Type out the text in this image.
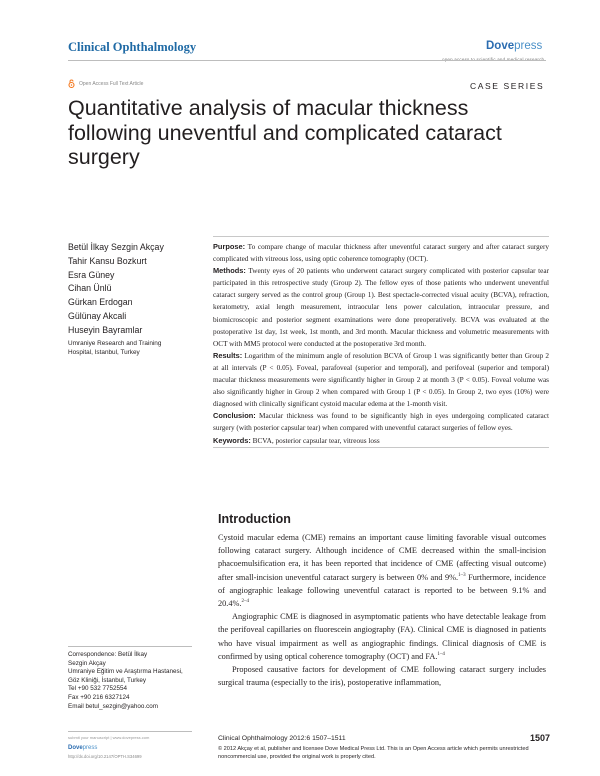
Clinical Ophthalmology	Dovepress
Open Access Full Text Article	CASE SERIES
Quantitative analysis of macular thickness following uneventful and complicated cataract surgery
Betül İlkay Sezgin Akçay
Tahir Kansu Bozkurt
Esra Güney
Cihan Ünlü
Gürkan Erdogan
Gülünay Akcali
Huseyin Bayramlar
Umraniye Research and Training
Hospital, Istanbul, Turkey

Purpose: To compare change of macular thickness after uneventful cataract surgery and after cataract surgery complicated with vitreous loss, using optic coherence tomography (OCT).

Methods: Twenty eyes of 20 patients who underwent cataract surgery complicated with posterior capsular tear participated in this retrospective study (Group 2). The fellow eyes of those patients who underwent uneventful cataract surgery served as the control group (Group 1). Best spectacle-corrected visual acuity (BCVA), refraction, keratometry, axial length measurement, intraocular lens power calculation, intraocular pressure, and biomicroscopic and posterior segment examinations were done preoperatively. BCVA was evaluated at the postoperative 1st day, 1st week, 1st month, and 3rd month. Macular thickness and volumetric measurements with OCT with MM5 protocol were conducted at the postoperative 3rd month.

Results: Logarithm of the minimum angle of resolution BCVA of Group 1 was significantly better than Group 2 at all intervals (P < 0.05). Foveal, parafoveal (superior and temporal), and perifoveal (superior and temporal) macular thickness measurements were significantly higher in Group 2 at month 3 (P < 0.05). Foveal volume was also significantly higher in Group 2 when compared with Group 1 (P < 0.05). In Group 2, two eyes (10%) were diagnosed with clinically significant cystoid macular edema at the 1-month visit.

Conclusion: Macular thickness was found to be significantly high in eyes undergoing complicated cataract surgery (with posterior capsular tear) when compared with uneventful cataract surgeries of fellow eyes.

Keywords: BCVA, posterior capsular tear, vitreous loss

Introduction

Cystoid macular edema (CME) remains an important cause limiting favorable visual outcomes following cataract surgery. Although incidence of CME decreased within the small-incision phacoemulsification era, it has been reported that incidence of CME (affecting visual outcome) after small-incision uneventful cataract surgery is between 0% and 9%.$^{1-3}$ Furthermore, incidence of angiographic leakage following uneventful cataract is reported to be between 9.1% and 20.4%.$^{2-4}$

Angiographic CME is diagnosed in asymptomatic patients who have detectable leakage from the perifoveal capillaries on fluorescein angiography (FA). Clinical CME is diagnosed in patients who have visual impairment as well as angiographic findings. Clinical diagnosis of CME is confirmed by using optical coherence tomography (OCT) and FA.$^{1-4}$

Proposed causative factors for development of CME following cataract surgery includes surgical trauma (especially to the iris), postoperative inflammation,

Correspondence: Betül İlkay
Sezgin Akçay
Umraniye Eğitim ve Araştırma Hastanesi,
Göz Kliniği, İstanbul, Turkey
Tel +90 532 7752554
Fax +90 216 6327124
Email betul_sezgin@yahoo.com
submit your manuscript | www.dovepress.com
Dovepress
http://dx.doi.org/10.2147/OPTH.S34699
Clinical Ophthalmology 2012:6 1507–1511	1507
© 2012 Akçay et al, publisher and licensee Dove Medical Press Ltd. This is an Open Access article which permits unrestricted noncommercial use, provided the original work is properly cited.
